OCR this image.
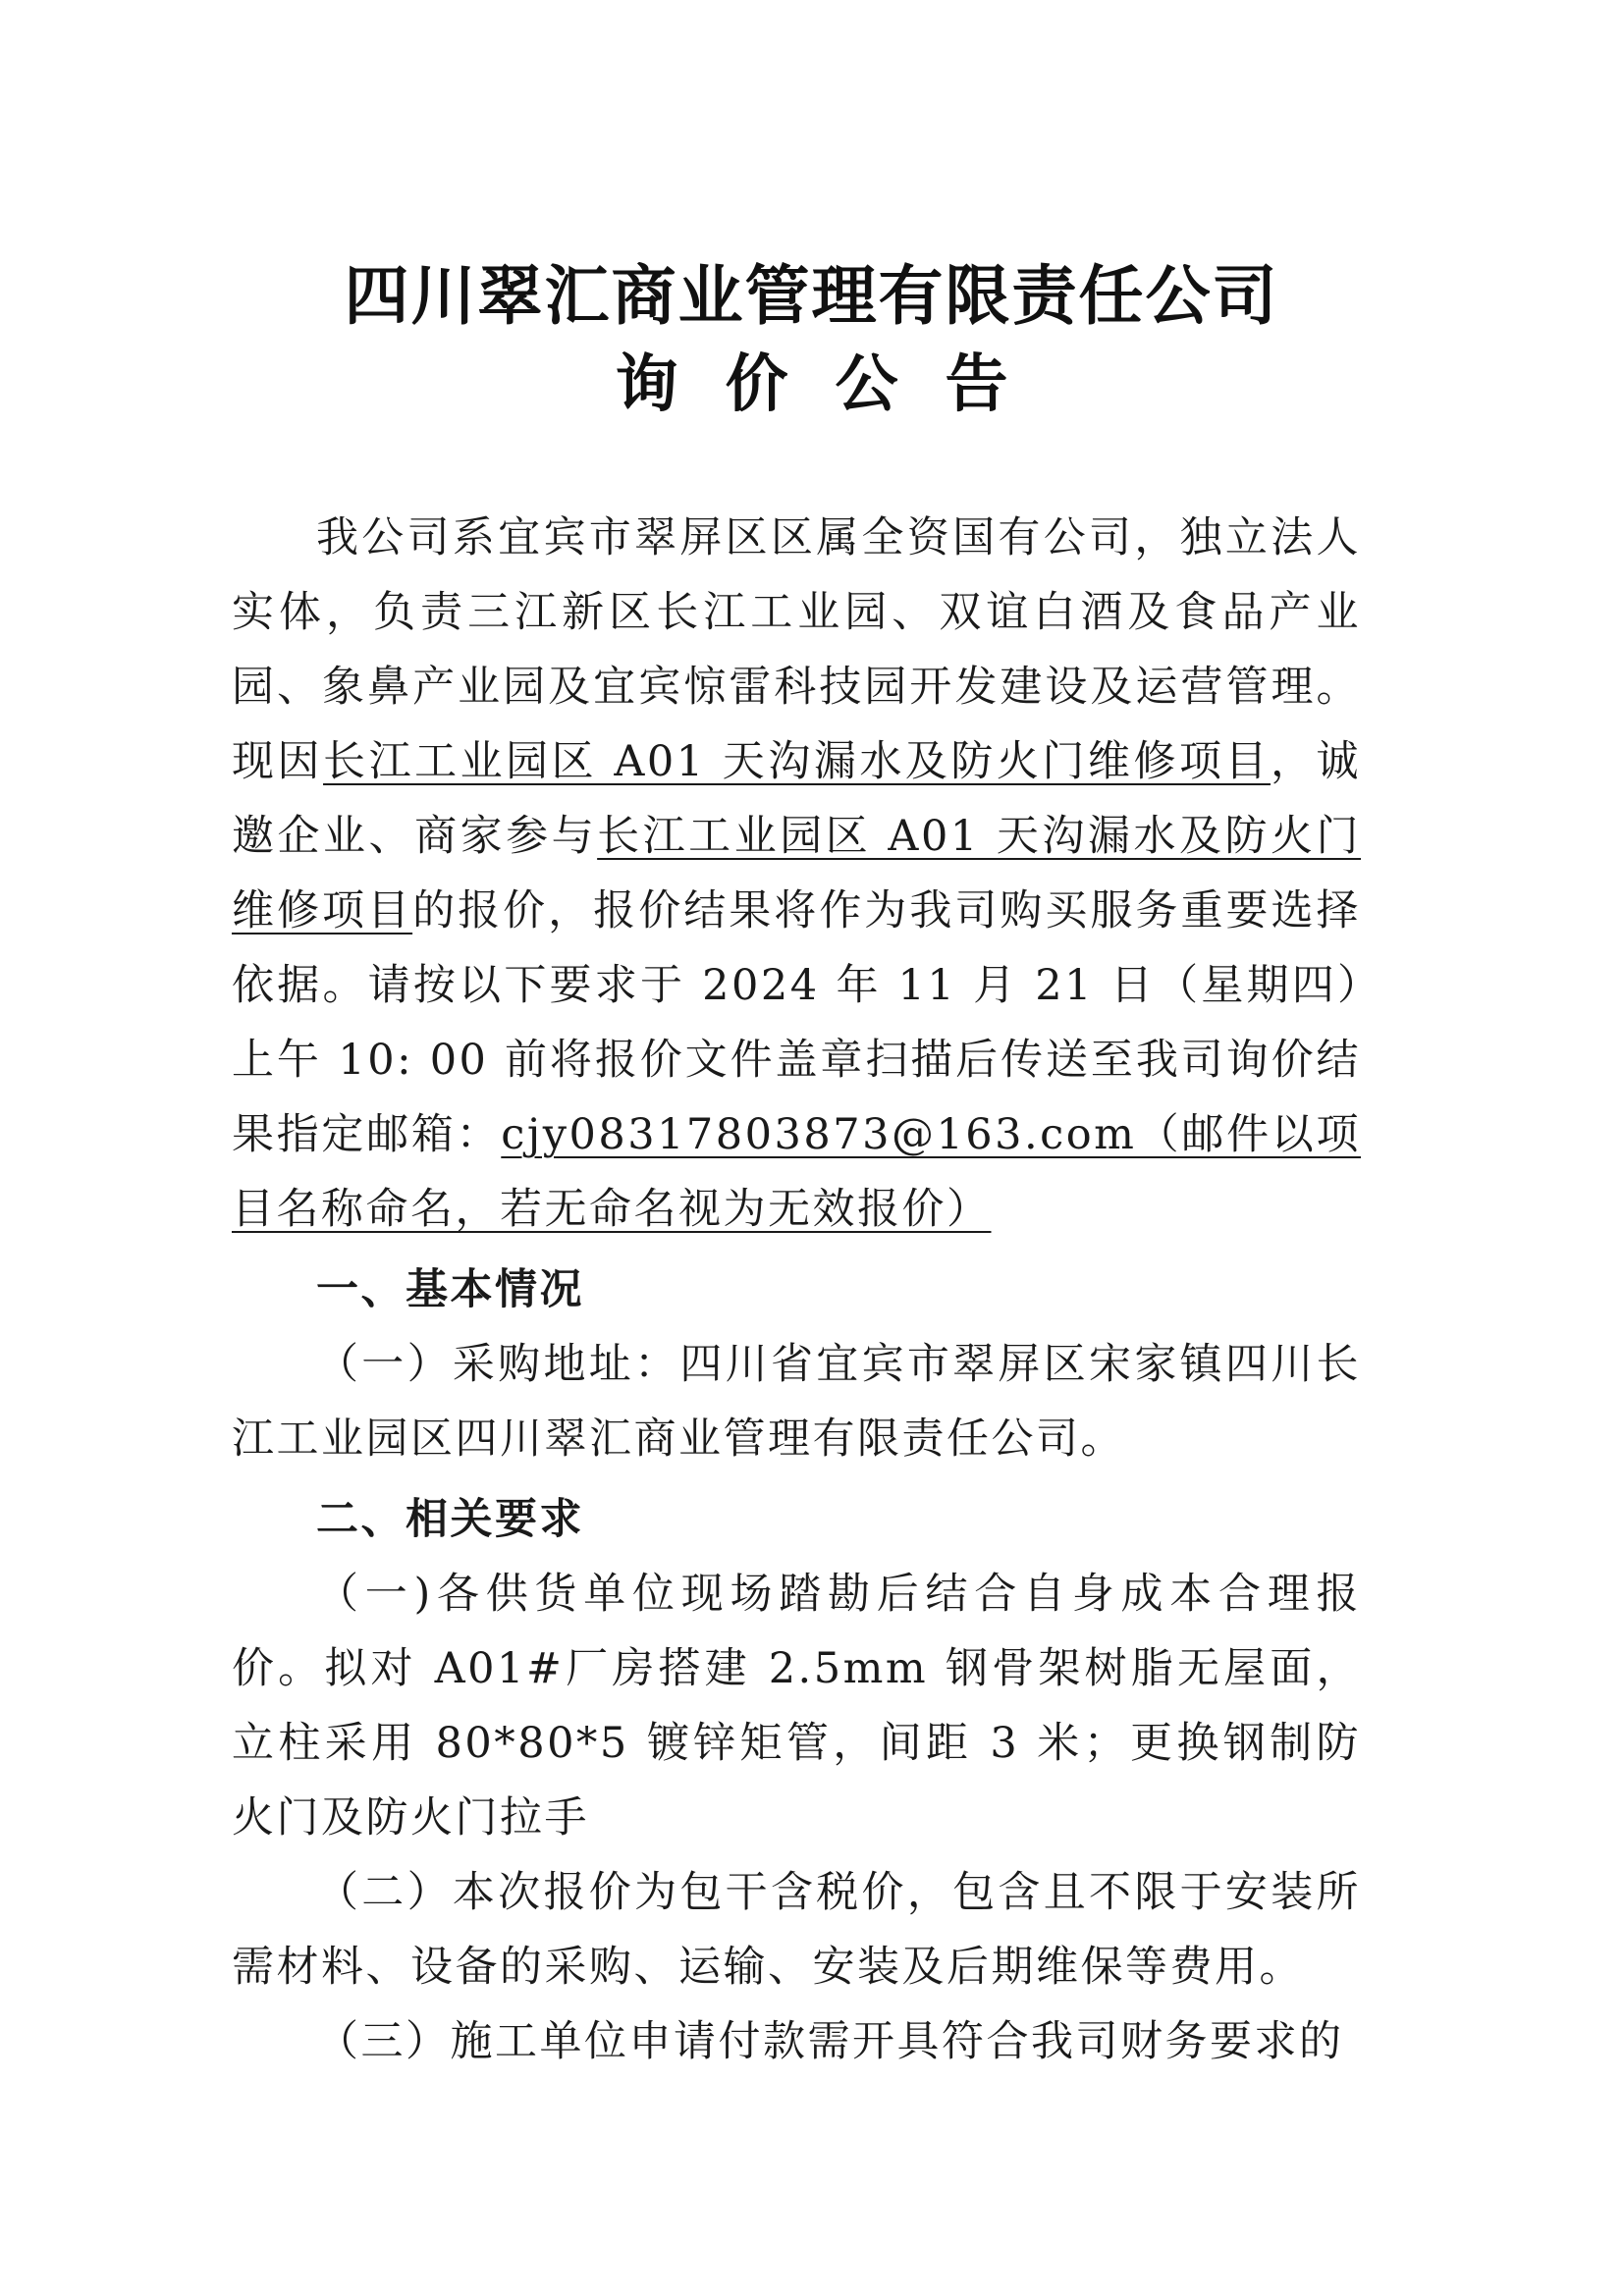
四川翠汇商业管理有限责任公司
询价公告

我公司系宜宾市翠屏区区属全资国有公司，独立法人实体，负责三江新区长江工业园、双谊白酒及食品产业园、象鼻产业园及宜宾惊雷科技园开发建设及运营管理。现因长江工业园区 A01 天沟漏水及防火门维修项目，诚邀企业、商家参与长江工业园区 A01 天沟漏水及防火门维修项目的报价，报价结果将作为我司购买服务重要选择依据。请按以下要求于 2024 年 11 月 21 日（星期四）上午 10: 00 前将报价文件盖章扫描后传送至我司询价结果指定邮箱：cjy08317803873@163.com（邮件以项目名称命名，若无命名视为无效报价）

一、基本情况

（一）采购地址：四川省宜宾市翠屏区宋家镇四川长江工业园区四川翠汇商业管理有限责任公司。

二、相关要求

（一)各供货单位现场踏勘后结合自身成本合理报价。拟对 A01#厂房搭建 2.5mm 钢骨架树脂无屋面，立柱采用 80*80*5 镀锌矩管，间距 3 米；更换钢制防火门及防火门拉手

（二）本次报价为包干含税价，包含且不限于安装所需材料、设备的采购、运输、安装及后期维保等费用。

（三）施工单位申请付款需开具符合我司财务要求的
